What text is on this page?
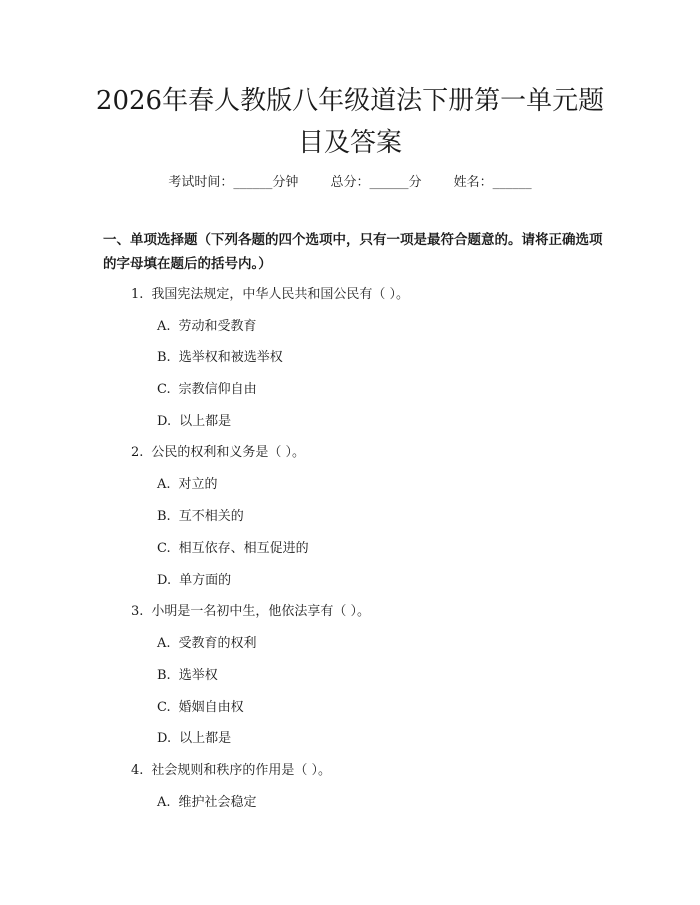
2026年春人教版八年级道法下册第一单元题目及答案
考试时间：______分钟 总分：______分 姓名：______

一、单项选择题（下列各题的四个选项中，只有一项是最符合题意的。请将正确选项的字母填在题后的括号内。）

1. 我国宪法规定，中华人民共和国公民有（ ）。
A. 劳动和受教育
B. 选举权和被选举权
C. 宗教信仰自由
D. 以上都是
2. 公民的权利和义务是（ ）。
A. 对立的
B. 互不相关的
C. 相互依存、相互促进的
D. 单方面的
3. 小明是一名初中生，他依法享有（ ）。
A. 受教育的权利
B. 选举权
C. 婚姻自由权
D. 以上都是
4. 社会规则和秩序的作用是（ ）。
A. 维护社会稳定
